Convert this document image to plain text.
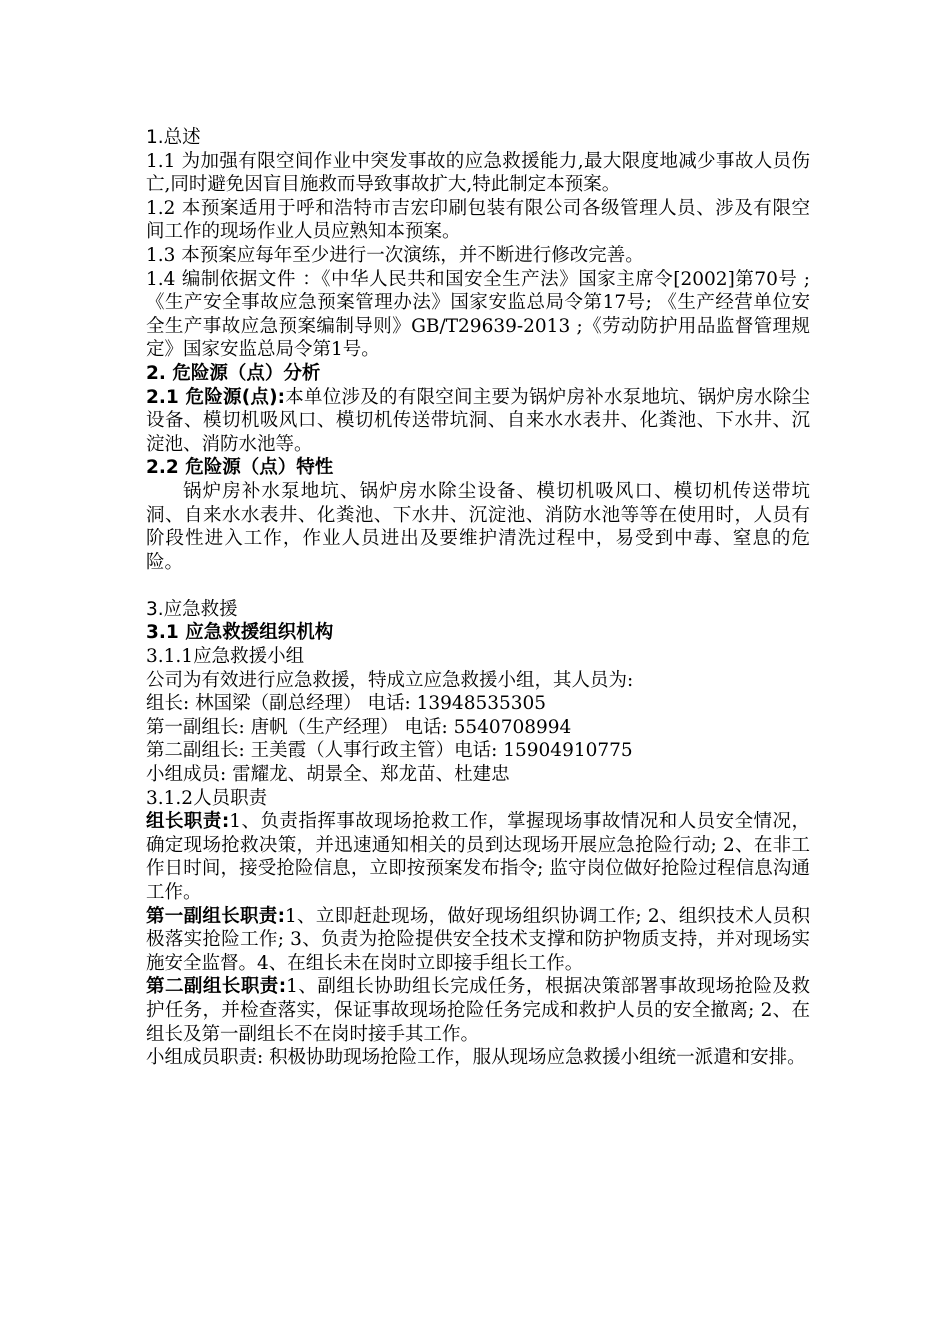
1.总述

1.1 为加强有限空间作业中突发事故的应急救援能力,最大限度地减少事故人员伤亡,同时避免因盲目施救而导致事故扩大,特此制定本预案。

1.2 本预案适用于呼和浩特市吉宏印刷包装有限公司各级管理人员、涉及有限空间工作的现场作业人员应熟知本预案。

1.3 本预案应每年至少进行一次演练，并不断进行修改完善。

1.4 编制依据文件 ：《中华人民共和国安全生产法》国家主席令[2002]第70号 ;《生产安全事故应急预案管理办法》国家安监总局令第17号; 《生产经营单位安全生产事故应急预案编制导则》GB/T29639-2013 ;《劳动防护用品监督管理规定》国家安监总局令第1号。

2. 危险源（点）分析

2.1 危险源(点):本单位涉及的有限空间主要为锅炉房补水泵地坑、锅炉房水除尘设备、模切机吸风口、模切机传送带坑洞、自来水水表井、化粪池、下水井、沉淀池、消防水池等。

2.2 危险源（点）特性

锅炉房补水泵地坑、锅炉房水除尘设备、模切机吸风口、模切机传送带坑洞、自来水水表井、化粪池、下水井、沉淀池、消防水池等等在使用时，人员有阶段性进入工作，作业人员进出及要维护清洗过程中，易受到中毒、窒息的危险。

3.应急救援

3.1 应急救援组织机构

3.1.1应急救援小组

公司为有效进行应急救援，特成立应急救援小组，其人员为:

组长: 林国梁（副总经理） 电话: 13948535305

第一副组长: 唐帆（生产经理） 电话: 5540708994

第二副组长: 王美霞（人事行政主管）电话: 15904910775

小组成员: 雷耀龙、胡景全、郑龙苗、杜建忠

3.1.2人员职责

组长职责:1、负责指挥事故现场抢救工作，掌握现场事故情况和人员安全情况，确定现场抢救决策，并迅速通知相关的员到达现场开展应急抢险行动; 2、在非工作日时间，接受抢险信息，立即按预案发布指令; 监守岗位做好抢险过程信息沟通工作。

第一副组长职责:1、立即赶赴现场，做好现场组织协调工作; 2、组织技术人员积极落实抢险工作; 3、负责为抢险提供安全技术支撑和防护物质支持，并对现场实施安全监督。4、在组长未在岗时立即接手组长工作。

第二副组长职责:1、副组长协助组长完成任务，根据决策部署事故现场抢险及救护任务，并检查落实，保证事故现场抢险任务完成和救护人员的安全撤离; 2、在组长及第一副组长不在岗时接手其工作。

小组成员职责: 积极协助现场抢险工作，服从现场应急救援小组统一派遣和安排。
